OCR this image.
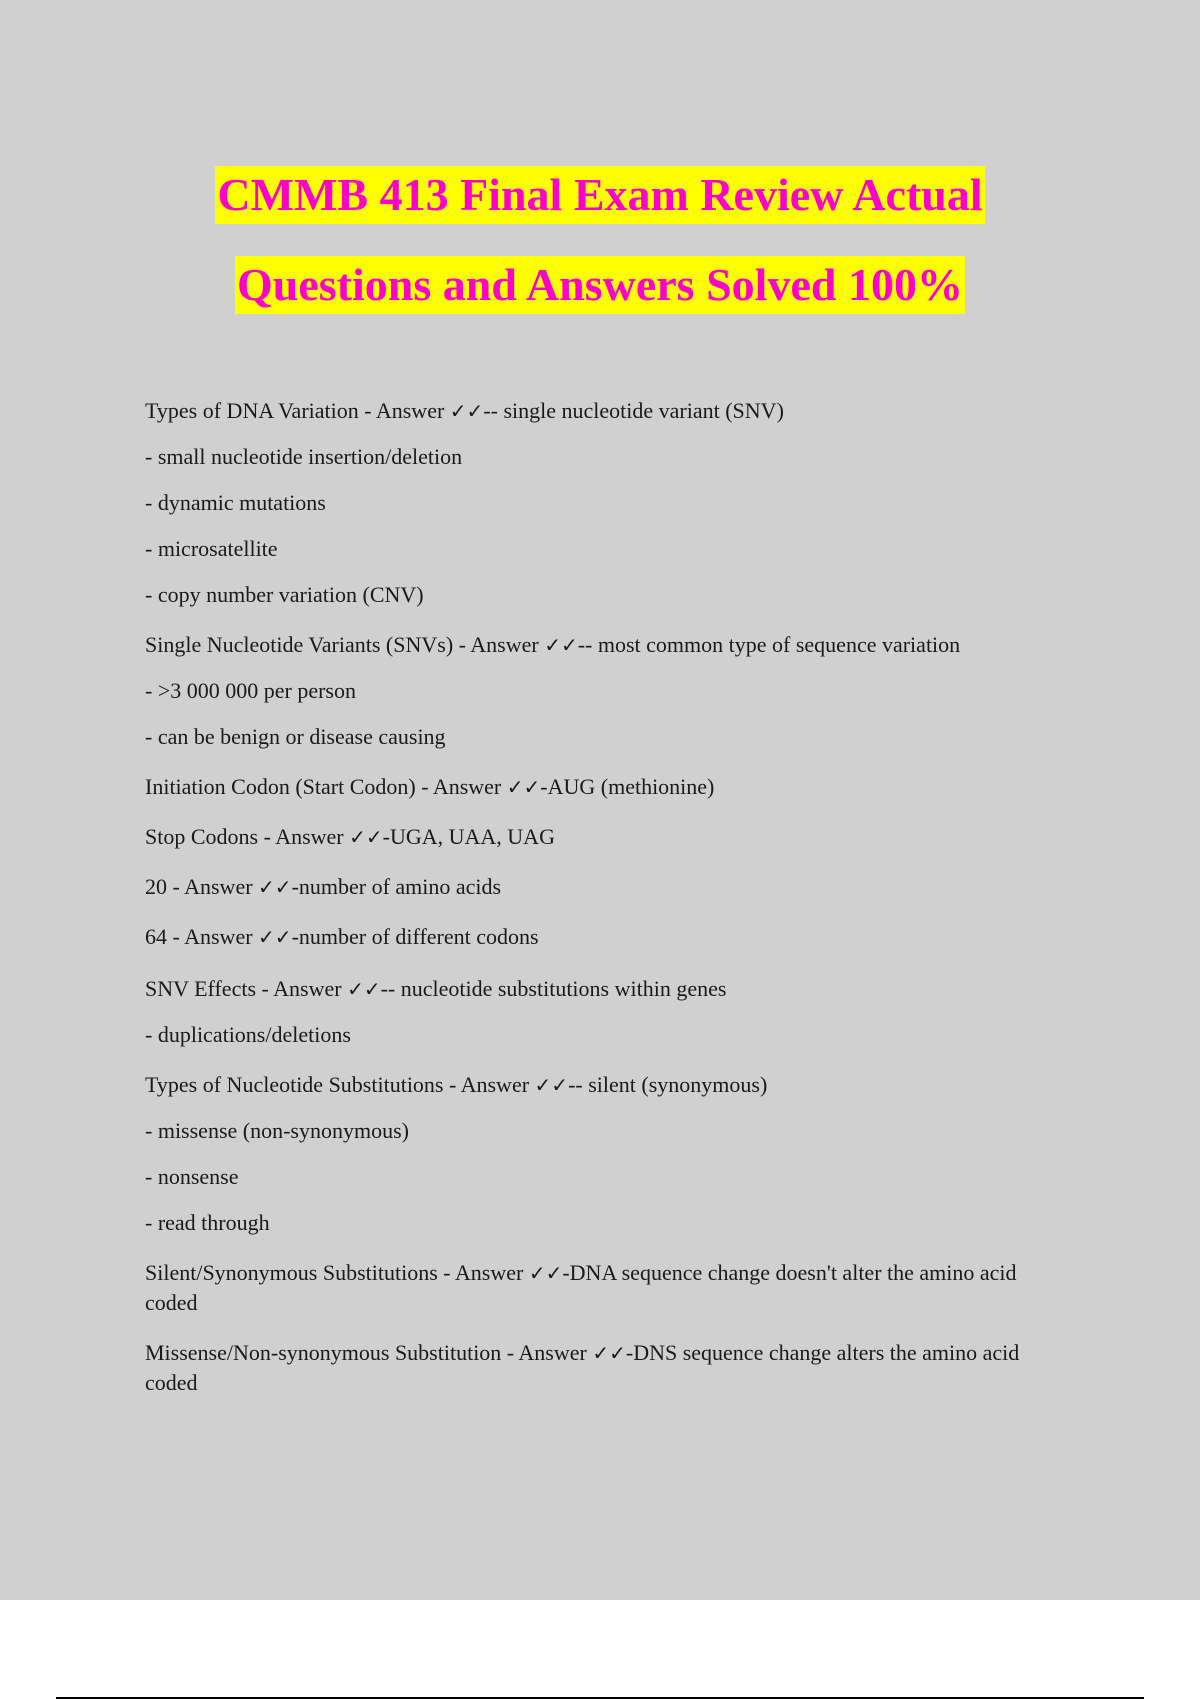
CMMB 413 Final Exam Review Actual
Questions and Answers Solved 100%

Types of DNA Variation - Answer ✓✓-- single nucleotide variant (SNV)

- small nucleotide insertion/deletion

- dynamic mutations

- microsatellite

- copy number variation (CNV)

Single Nucleotide Variants (SNVs) - Answer ✓✓-- most common type of sequence variation

- >3 000 000 per person

- can be benign or disease causing

Initiation Codon (Start Codon) - Answer ✓✓-AUG (methionine)

Stop Codons - Answer ✓✓-UGA, UAA, UAG

20 - Answer ✓✓-number of amino acids

64 - Answer ✓✓-number of different codons

SNV Effects - Answer ✓✓-- nucleotide substitutions within genes

- duplications/deletions

Types of Nucleotide Substitutions - Answer ✓✓-- silent (synonymous)

- missense (non-synonymous)

- nonsense

- read through

Silent/Synonymous Substitutions - Answer ✓✓-DNA sequence change doesn't alter the amino acid coded

Missense/Non-synonymous Substitution - Answer ✓✓-DNS sequence change alters the amino acid coded
